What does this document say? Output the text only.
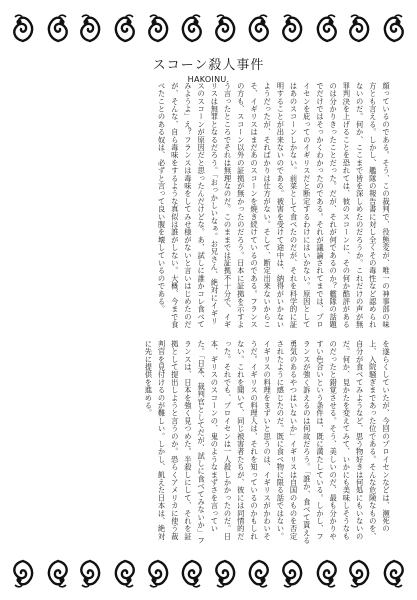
スコーン殺人事件
HAKOINU.

顔っているのである。そう、この裁判で、役態変が、唯一の神事部の味方とも言える。しかし、艦隊の報告書に対し全くその毒性など認められないのだ。何か、ここまで皆を深しめたのだろうか。これだけの声が無罪判決を上げることを恐れては、彼のスコーンに、その何か酷評があるのは分かりきったことだった。だが、それが何であるのか？艦隊の話題でだけではそっかくわかったのである。それが議論されてまでは、プロイセンを庇ってのイギリスだと断定するわけにはいかない。原因としてはあのスコーンしかない。前菜として食べたのだが、それを科学的に証明することが出来ないのである。被害を受けて途中は、納得がいかないようだったが、そればかりは仕方がない。そして、断定出来ないからこそ、イギリスはまだあのスコーンを焼き続けているのである。フランスの方も、スコーン以外の証拠が無かったのだろう。日本に証拠を示すよう言ったところでそれは無理なのだ。このままでは証拠不十分で、イギリスは無罪となるだろう。「おっかしいなぁ。お兄さん、絶対にイギリスのスコーンが原因だと思ったんだけどな。あ、試しに誰かコレ食べてみようよ」え？フランスは毒味をしてみせ様がないと言いはじめたのだが、そんな、自ら毒味をするような真似は誰がしない。大概、今まで食べたことのある奴は、必ずと言って良い腹を壊しているのである。

を遂らくしていたが、今回のプロイセンなどは、瀕死の上、入院騒ぎまであった位である。そんな危険なものを、自分が食べてみようなど、思う物好きは何処にもいないのだ。何か、見かたを変えてみて、いかにも美味しそうなものだったと錯覚させる。そう、美しいのだ、最も分かりやすい色合いという条件は、既に満たしている。しかし、フランスが強く訴えるのは何故だろう。「誰か、食べて貰える勇気のあるやつはいないか」イギリスは自国のものを否定されたように感じたのだ。既に食べ物に限る話ではない。イギリスの料理をまずいと思うのは、イギリスがかわいそうだ。イギリスの料理人は、それを知っているのかもしれない。これを聞いて、同じ被害者たちが、彼には同情的だった。それでも、プロイセンは一人殺しかかったのだ。日本、ギリスのスコーンの、鬼のようなまずさを言っていた。「日本、裁判官としてだが、試しに食べてみないか」フランスは、日本を強く見つめた。半殺しにして、それを証拠として提出しようと言うのか。恐らくアメリカに使う裁判官を見付けるのが難しい。しかし、飢えた日本は、絶対に先に提供を進める。
